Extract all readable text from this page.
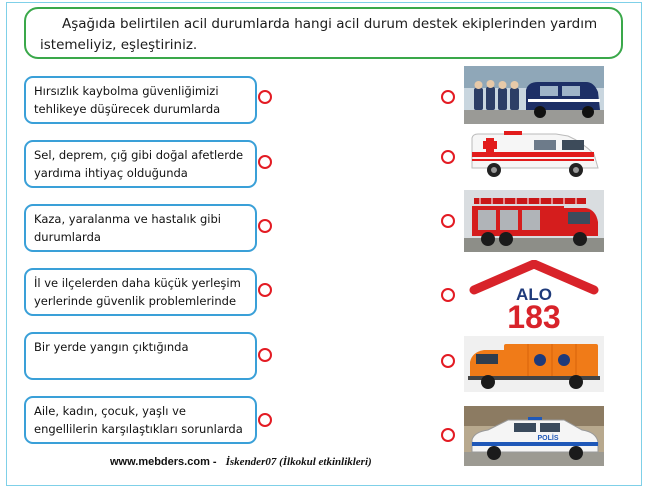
Aşağıda belirtilen acil durumlarda hangi acil durum destek ekiplerinden yardım istemeliyiz, eşleştiriniz.
Hırsızlık kaybolma güvenliğimizi tehlikeye düşürecek durumlarda
Sel, deprem, çığ gibi doğal afetlerde yardıma ihtiyaç olduğunda
Kaza, yaralanma ve hastalık gibi durumlarda
İl ve ilçelerden daha küçük yerleşim yerlerinde güvenlik problemlerinde
Bir yerde yangın çıktığında
Aile, kadın, çocuk, yaşlı ve engellilerin karşılaştıkları sorunlarda
ALO
183
POLİS
www.mebders.com - İskender07 (İlkokul etkinlikleri)
